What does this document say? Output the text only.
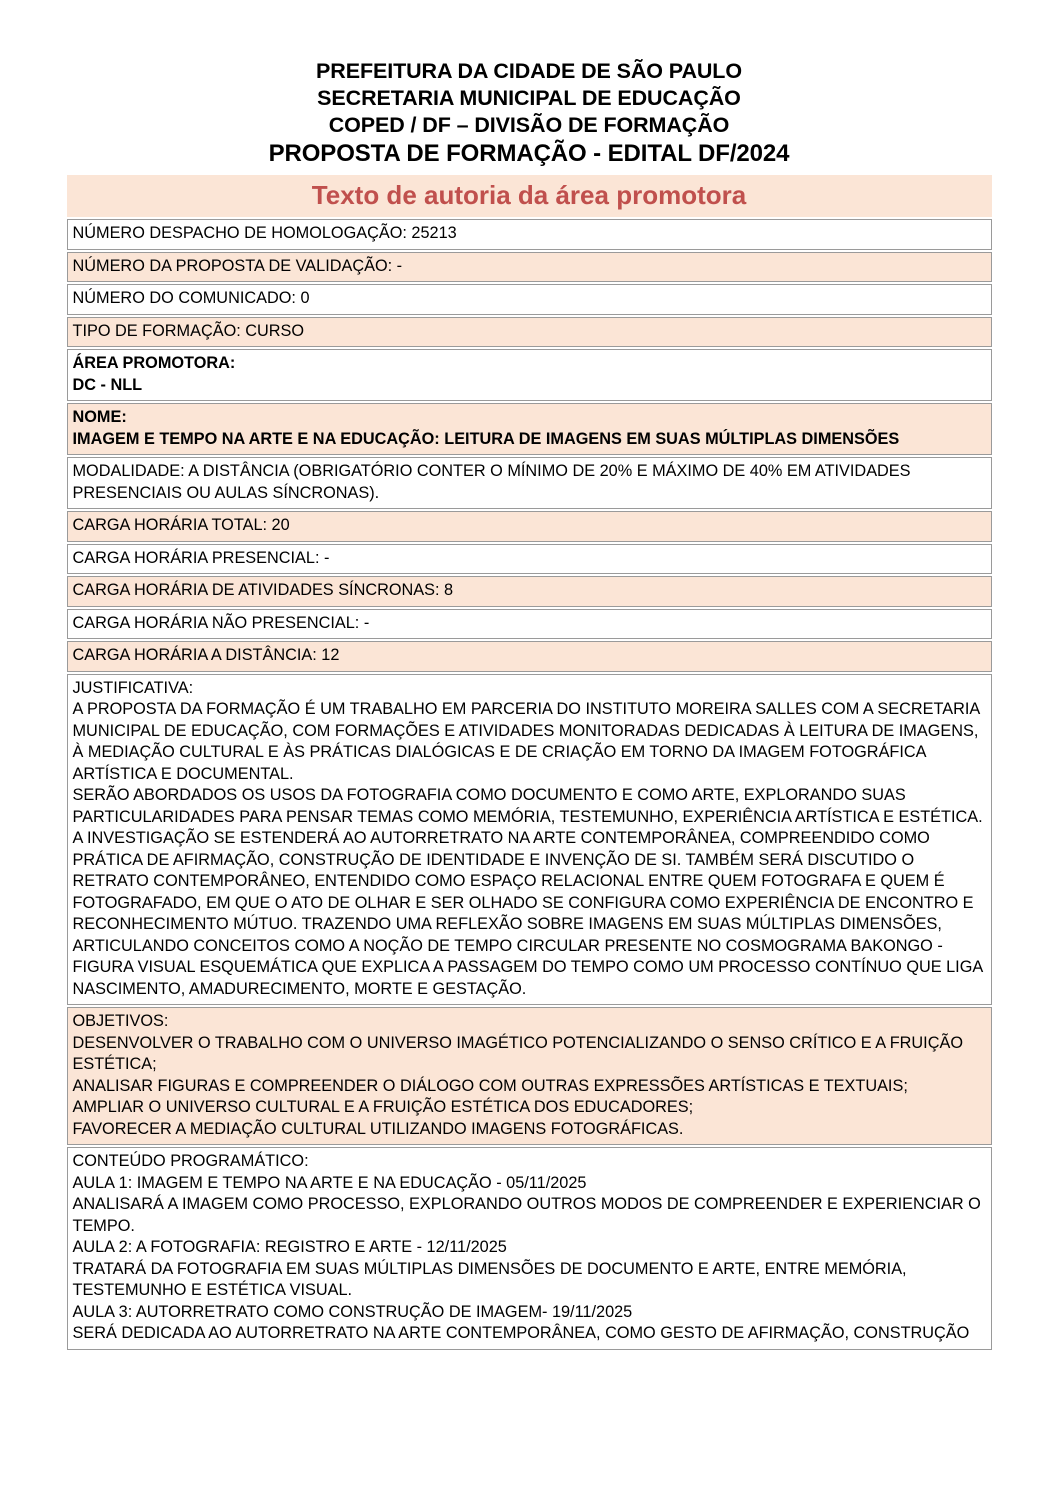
PREFEITURA DA CIDADE DE SÃO PAULO
SECRETARIA MUNICIPAL DE EDUCAÇÃO
COPED / DF – DIVISÃO DE FORMAÇÃO
PROPOSTA DE FORMAÇÃO - EDITAL DF/2024
Texto de autoria da área promotora
NÚMERO DESPACHO DE HOMOLOGAÇÃO: 25213

NÚMERO DA PROPOSTA DE VALIDAÇÃO: -

NÚMERO DO COMUNICADO: 0

TIPO DE FORMAÇÃO: CURSO

ÁREA PROMOTORA:
DC - NLL

NOME:
IMAGEM E TEMPO NA ARTE E NA EDUCAÇÃO: LEITURA DE IMAGENS EM SUAS MÚLTIPLAS DIMENSÕES

MODALIDADE: A DISTÂNCIA (OBRIGATÓRIO CONTER O MÍNIMO DE 20% E MÁXIMO DE 40% EM ATIVIDADES PRESENCIAIS OU AULAS SÍNCRONAS).

CARGA HORÁRIA TOTAL: 20

CARGA HORÁRIA PRESENCIAL: -

CARGA HORÁRIA DE ATIVIDADES SÍNCRONAS: 8

CARGA HORÁRIA NÃO PRESENCIAL: -

CARGA HORÁRIA A DISTÂNCIA: 12

JUSTIFICATIVA:
A PROPOSTA DA FORMAÇÃO É UM TRABALHO EM PARCERIA DO INSTITUTO MOREIRA SALLES COM A SECRETARIA MUNICIPAL DE EDUCAÇÃO, COM FORMAÇÕES E ATIVIDADES MONITORADAS DEDICADAS À LEITURA DE IMAGENS, À MEDIAÇÃO CULTURAL E ÀS PRÁTICAS DIALÓGICAS E DE CRIAÇÃO EM TORNO DA IMAGEM FOTOGRÁFICA ARTÍSTICA E DOCUMENTAL.
SERÃO ABORDADOS OS USOS DA FOTOGRAFIA COMO DOCUMENTO E COMO ARTE, EXPLORANDO SUAS PARTICULARIDADES PARA PENSAR TEMAS COMO MEMÓRIA, TESTEMUNHO, EXPERIÊNCIA ARTÍSTICA E ESTÉTICA.
A INVESTIGAÇÃO SE ESTENDERÁ AO AUTORRETRATO NA ARTE CONTEMPORÂNEA, COMPREENDIDO COMO PRÁTICA DE AFIRMAÇÃO, CONSTRUÇÃO DE IDENTIDADE E INVENÇÃO DE SI. TAMBÉM SERÁ DISCUTIDO O RETRATO CONTEMPORÂNEO, ENTENDIDO COMO ESPAÇO RELACIONAL ENTRE QUEM FOTOGRAFA E QUEM É FOTOGRAFADO, EM QUE O ATO DE OLHAR E SER OLHADO SE CONFIGURA COMO EXPERIÊNCIA DE ENCONTRO E RECONHECIMENTO MÚTUO. TRAZENDO UMA REFLEXÃO SOBRE IMAGENS EM SUAS MÚLTIPLAS DIMENSÕES, ARTICULANDO CONCEITOS COMO A NOÇÃO DE TEMPO CIRCULAR PRESENTE NO COSMOGRAMA BAKONGO - FIGURA VISUAL ESQUEMÁTICA QUE EXPLICA A PASSAGEM DO TEMPO COMO UM PROCESSO CONTÍNUO QUE LIGA NASCIMENTO, AMADURECIMENTO, MORTE E GESTAÇÃO.

OBJETIVOS:
DESENVOLVER O TRABALHO COM O UNIVERSO IMAGÉTICO POTENCIALIZANDO O SENSO CRÍTICO E A FRUIÇÃO ESTÉTICA;
ANALISAR FIGURAS E COMPREENDER O DIÁLOGO COM OUTRAS EXPRESSÕES ARTÍSTICAS E TEXTUAIS;
AMPLIAR O UNIVERSO CULTURAL E A FRUIÇÃO ESTÉTICA DOS EDUCADORES;
FAVORECER A MEDIAÇÃO CULTURAL UTILIZANDO IMAGENS FOTOGRÁFICAS.

CONTEÚDO PROGRAMÁTICO:
AULA 1: IMAGEM E TEMPO NA ARTE E NA EDUCAÇÃO - 05/11/2025
ANALISARÁ A IMAGEM COMO PROCESSO, EXPLORANDO OUTROS MODOS DE COMPREENDER E EXPERIENCIAR O TEMPO.
AULA 2: A FOTOGRAFIA: REGISTRO E ARTE - 12/11/2025
TRATARÁ DA FOTOGRAFIA EM SUAS MÚLTIPLAS DIMENSÕES DE DOCUMENTO E ARTE, ENTRE MEMÓRIA, TESTEMUNHO E ESTÉTICA VISUAL.
AULA 3: AUTORRETRATO COMO CONSTRUÇÃO DE IMAGEM- 19/11/2025
SERÁ DEDICADA AO AUTORRETRATO NA ARTE CONTEMPORÂNEA, COMO GESTO DE AFIRMAÇÃO, CONSTRUÇÃO
